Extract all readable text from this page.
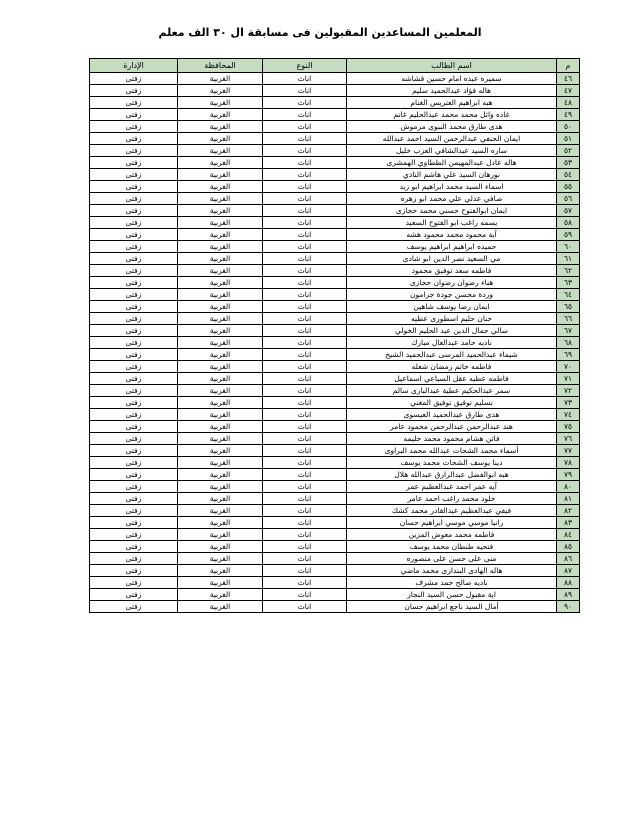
المعلمين المساعدين المقبولين فى مسابقة ال ٣٠ الف معلم
م	اسم الطالب	النوع	المحافظة	الإدارة
٤٦	سميره عبده امام حسين قشاشه	اناث	الغربية	زفتى
٤٧	هاله فؤاد عبدالحميد سليم	اناث	الغربية	زفتى
٤٨	هبه ابراهيم العتريس الغنام	اناث	الغربية	زفتى
٤٩	غاده وائل محمد محمد عبدالحليم غانم	اناث	الغربية	زفتى
٥٠	هدى طارق محمد النبوى مرموش	اناث	الغربية	زفتى
٥١	ايمان الحنفي عبدالرحمن السيد احمد عبدالله	اناث	الغربية	زفتى
٥٢	ساره السيد عبدالشافي العزب خليل	اناث	الغربية	زفتى
٥٣	هاله عادل عبدالمهيمن الططاوي الهمشرى	اناث	الغربية	زفتى
٥٤	نورهان السيد علي هاشم النادي	اناث	الغربية	زفتى
٥٥	اسماء السيد محمد ابراهيم ابو زيد	اناث	الغربية	زفتى
٥٦	صافي عدلي علي محمد ابو زهره	اناث	الغربية	زفتى
٥٧	ايمان ابوالفتوح حسني محمد حجازى	اناث	الغربية	زفتى
٥٨	يسمه راغب ابو الفتوح السعيد	اناث	الغربية	زفتى
٥٩	آية محمود محمد محمود هشه	اناث	الغربية	زفتى
٦٠	حميده ابراهيم ابراهيم يوسف	اناث	الغربية	زفتى
٦١	مي السعيد نصر الدين ابو شادى	اناث	الغربية	زفتى
٦٢	فاطمه سعد توفيق محمود	اناث	الغربية	زفتى
٦٣	هناء رضوان رضوان حجازى	اناث	الغربية	زفتى
٦٤	وردة محسن جودة جرامون	اناث	الغربية	زفتى
٦٥	ايمان رضا يوسف شاهين	اناث	الغربية	زفتى
٦٦	حنان حليم اسطورى عطيه	اناث	الغربية	زفتى
٦٧	سالي جمال الدين عبد الحليم الخولي	اناث	الغربية	زفتى
٦٨	ناديه حامد عبدالعال مبارك	اناث	الغربية	زفتى
٦٩	شيماء عبدالحميد المرسى عبدالحميد الشيخ	اناث	الغربية	زفتى
٧٠	فاطمه حاتم رمضان شعله	اناث	الغربية	زفتى
٧١	فاطمه عطيه عقل السباعي اسماعيل	اناث	الغربية	زفتى
٧٢	سمر عبدالحكيم عطية عبدالبارى سالم	اناث	الغربية	زفتى
٧٣	تسليم توفيق توفيق المغني	اناث	الغربية	زفتى
٧٤	هدى طارق عبدالحميد العيسوى	اناث	الغربية	زفتى
٧٥	هند عبدالرحمن عبدالرحمن محمود عامر	اناث	الغربية	زفتى
٧٦	فاتن هشام محمود محمد حليمه	اناث	الغربية	زفتى
٧٧	أسماء محمد الشحات عبدالله محمد البراوى	اناث	الغربية	زفتى
٧٨	دينا يوسف الشحات محمد يوسف	اناث	الغربية	زفتى
٧٩	هبه ابوالفضل عبدالرازق عبدالله هلال	اناث	الغربية	زفتى
٨٠	آيه عمر احمد عبدالعظيم عمر	اناث	الغربية	زفتى
٨١	خلود محمد راغب احمد عامر	اناث	الغربية	زفتى
٨٢	فيفي عبدالعظيم عبدالقادر محمد كشك	اناث	الغربية	زفتى
٨٣	رانيا موسي موسي ابراهيم حسان	اناث	الغربية	زفتى
٨٤	فاطمه محمد معوض المزين	اناث	الغربية	زفتى
٨٥	فتحيه طنطان محمد يوسف	اناث	الغربية	زفتى
٨٦	منى على حسن على منصوره	اناث	الغربية	زفتى
٨٧	هاله الهادى البندارى محمد ماضي	اناث	الغربية	زفتى
٨٨	ناديه صالح حمد مشرف	اناث	الغربية	زفتى
٨٩	اية مقبول حسن السيد النجار	اناث	الغربية	زفتى
٩٠	أمال السيد ناجع ابراهيم حسان	اناث	الغربية	زفتى
